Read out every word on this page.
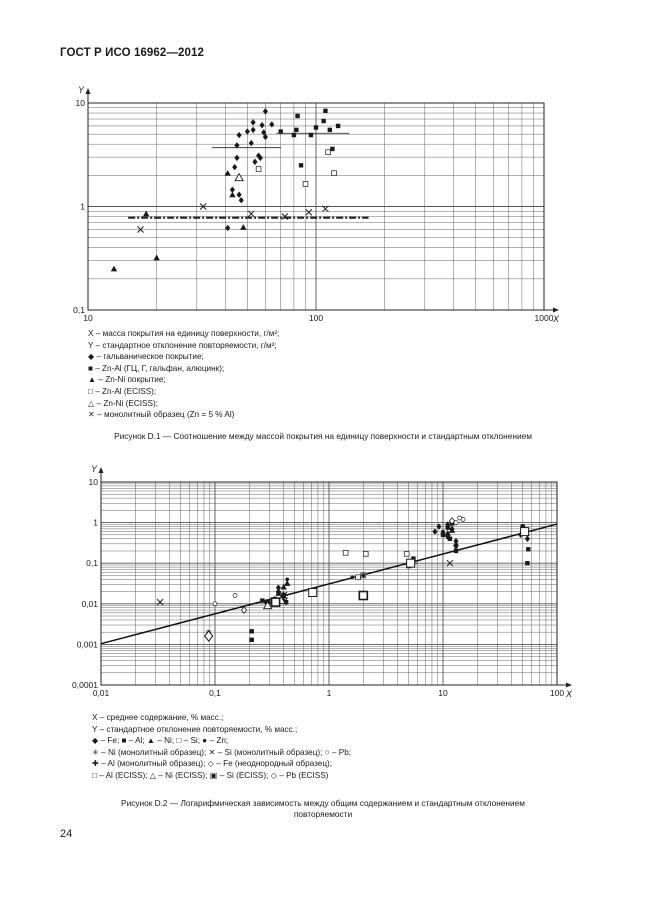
ГОСТ Р ИСО 16962—2012
Y
X
10	100	1000
0,1
1
10
Y
X
0,01	0,1	1	10	100
0,0001
0,001
0,01
0,1
1
10
X – масса покрытия на единицу поверхности, г/м²;
Y – стандартное отклонение повторяемости, г/м²;
◆ – гальваническое покрытие;
■ – Zn-Al (ГЦ, Г, гальфан, алюцинк);
▲ – Zn-Ni покрытие;
□ – Zn-Al (ECISS);
△ – Zn-Ni (ECISS);
✕ – монолитный образец (Zn = 5 % Al)
Рисунок D.1 — Соотношение между массой покрытия на единицу поверхности и стандартным отклонением
X – среднее содержание, % масс.;
Y – стандартное отклонение повторяемости, % масс.;
◆ – Fe; ■ – Al; ▲ – Ni; □ – Si; ● – Zn;
✳ – Ni (монолитный образец); ✕ – Si (монолитный образец); ○ – Pb;
✚ – Al (монолитный образец); ◇ – Fe (неоднородный образец);
□ – Al (ECISS); △ – Ni (ECISS); ▣ – Si (ECISS); ◇ – Pb (ECISS)
Рисунок D.2 — Логарифмическая зависимость между общим содержанием и стандартным отклонением
повторяемости
24
